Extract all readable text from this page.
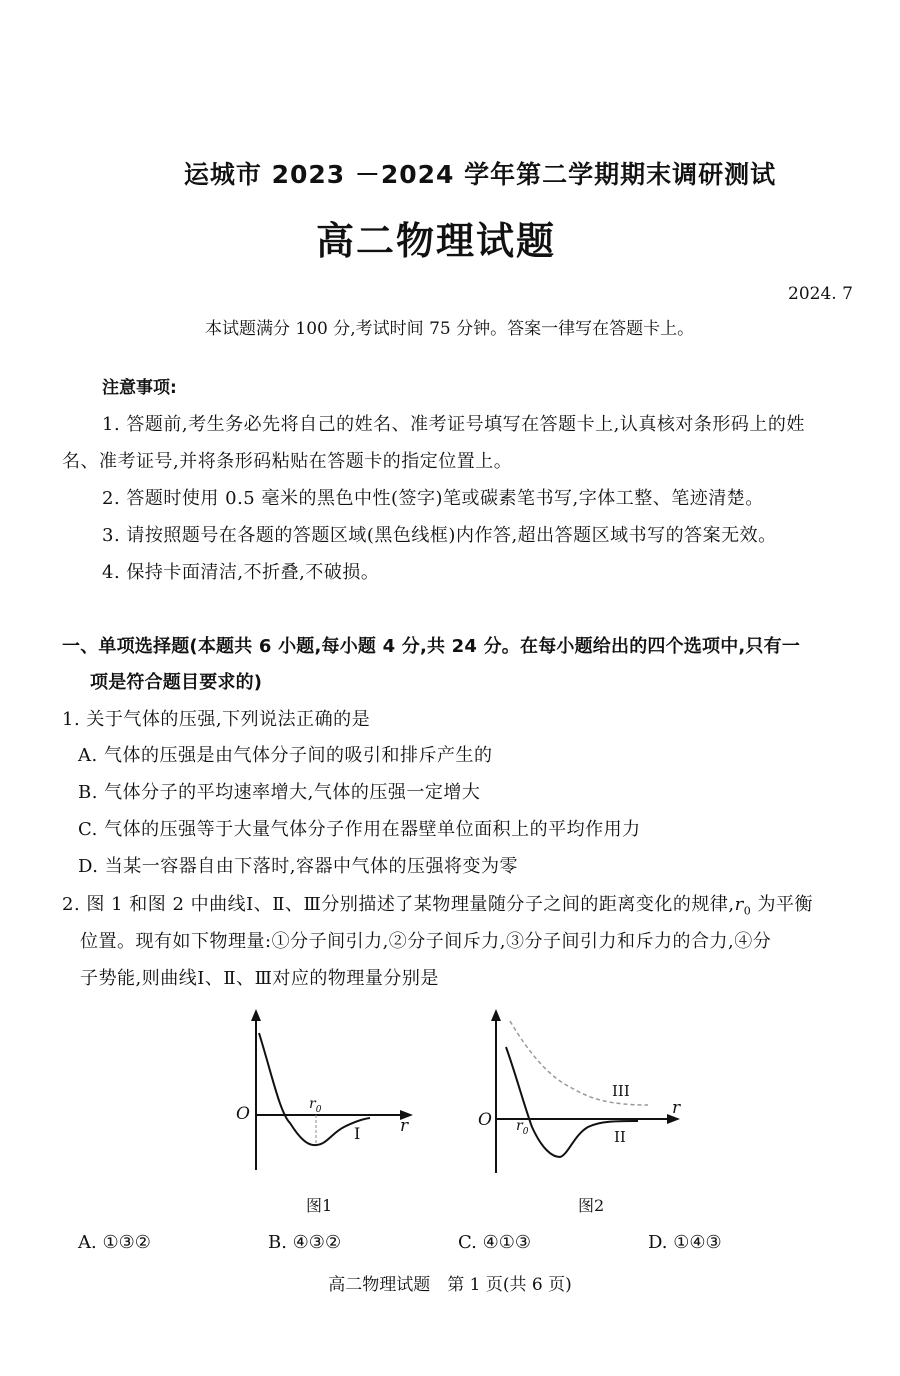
运城市 2023 －2024 学年第二学期期末调研测试
高二物理试题
2024. 7
本试题满分 100 分,考试时间 75 分钟。答案一律写在答题卡上。
注意事项:
1. 答题前,考生务必先将自己的姓名、准考证号填写在答题卡上,认真核对条形码上的姓
名、准考证号,并将条形码粘贴在答题卡的指定位置上。
2. 答题时使用 0.5 毫米的黑色中性(签字)笔或碳素笔书写,字体工整、笔迹清楚。
3. 请按照题号在各题的答题区域(黑色线框)内作答,超出答题区域书写的答案无效。
4. 保持卡面清洁,不折叠,不破损。
一、单项选择题(本题共 6 小题,每小题 4 分,共 24 分。在每小题给出的四个选项中,只有一
项是符合题目要求的)
1. 关于气体的压强,下列说法正确的是
A. 气体的压强是由气体分子间的吸引和排斥产生的
B. 气体分子的平均速率增大,气体的压强一定增大
C. 气体的压强等于大量气体分子作用在器壁单位面积上的平均作用力
D. 当某一容器自由下落时,容器中气体的压强将变为零
2. 图 1 和图 2 中曲线Ⅰ、Ⅱ、Ⅲ分别描述了某物理量随分子之间的距离变化的规律$,r_0$ 为平衡
位置。现有如下物理量:①分子间引力,②分子间斥力,③分子间引力和斥力的合力,④分
子势能,则曲线Ⅰ、Ⅱ、Ⅲ对应的物理量分别是
O	$r_0$
r
Ⅰ
图1
O $r_0$
r
III
II
图2
A. ①③②	B. ④③②	C. ④①③	D. ①④③
高二物理试题　第 1 页(共 6 页)
